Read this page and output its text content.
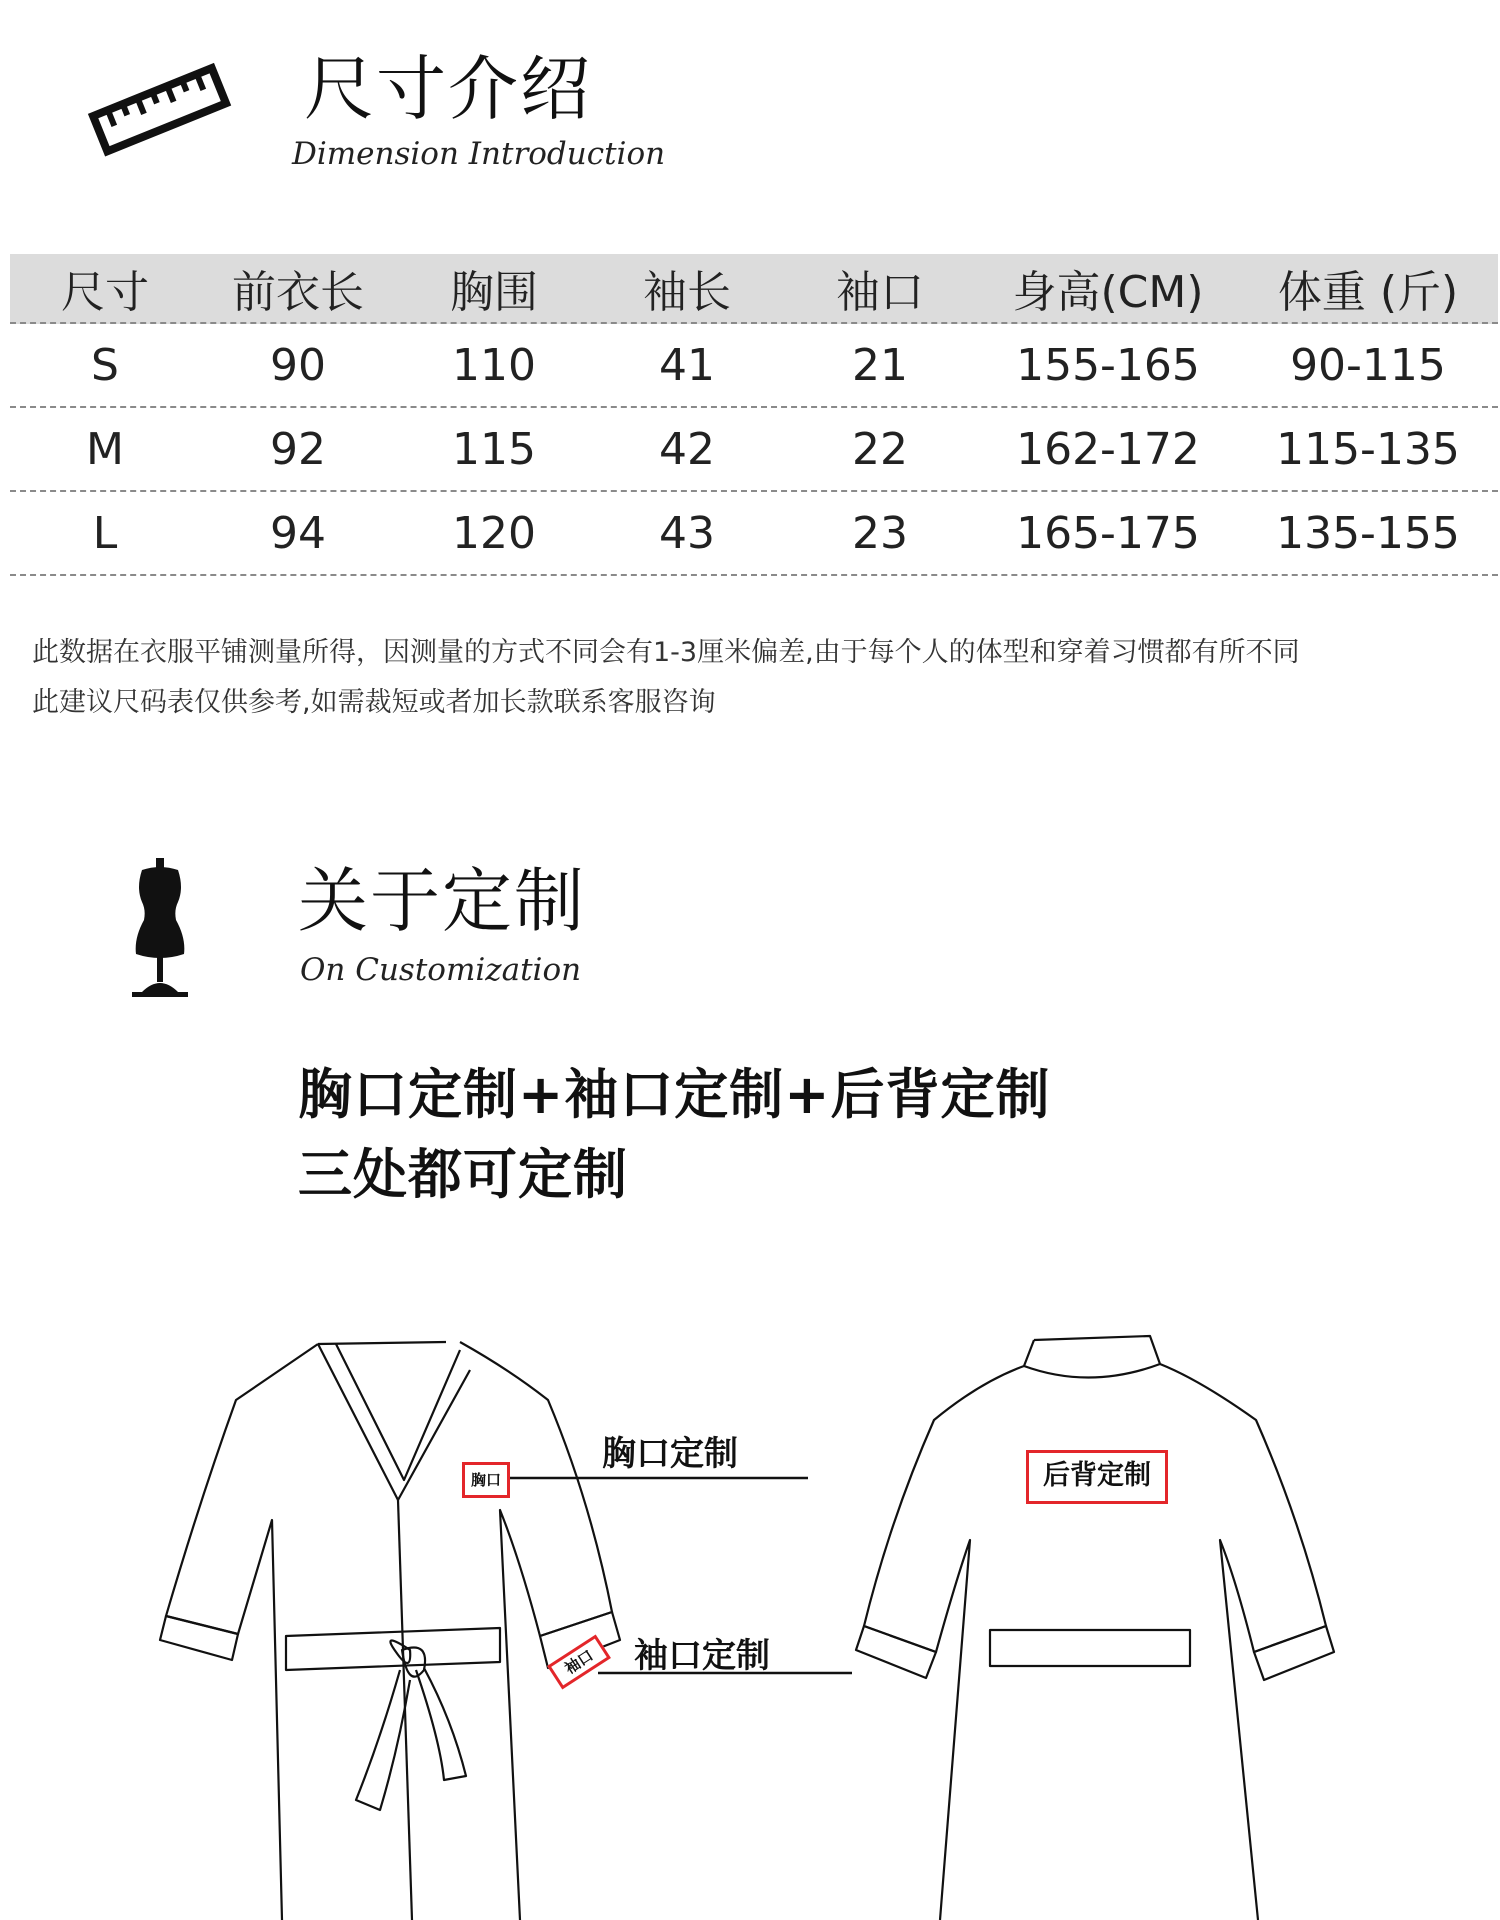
尺寸介绍
Dimension Introduction
尺寸	前衣长	胸围	袖长	袖口	身高(CM)	体重 (斤)
S	90	110	41	21	155-165	90-115
M	92	115	42	22	162-172	115-135
L	94	120	43	23	165-175	135-155
此数据在衣服平铺测量所得，因测量的方式不同会有1-3厘米偏差,由于每个人的体型和穿着习惯都有所不同
此建议尺码表仅供参考,如需裁短或者加长款联系客服咨询
关于定制
On Customization
胸口定制+袖口定制+后背定制
三处都可定制
胸口
胸口定制
袖口	袖口定制
后背定制
